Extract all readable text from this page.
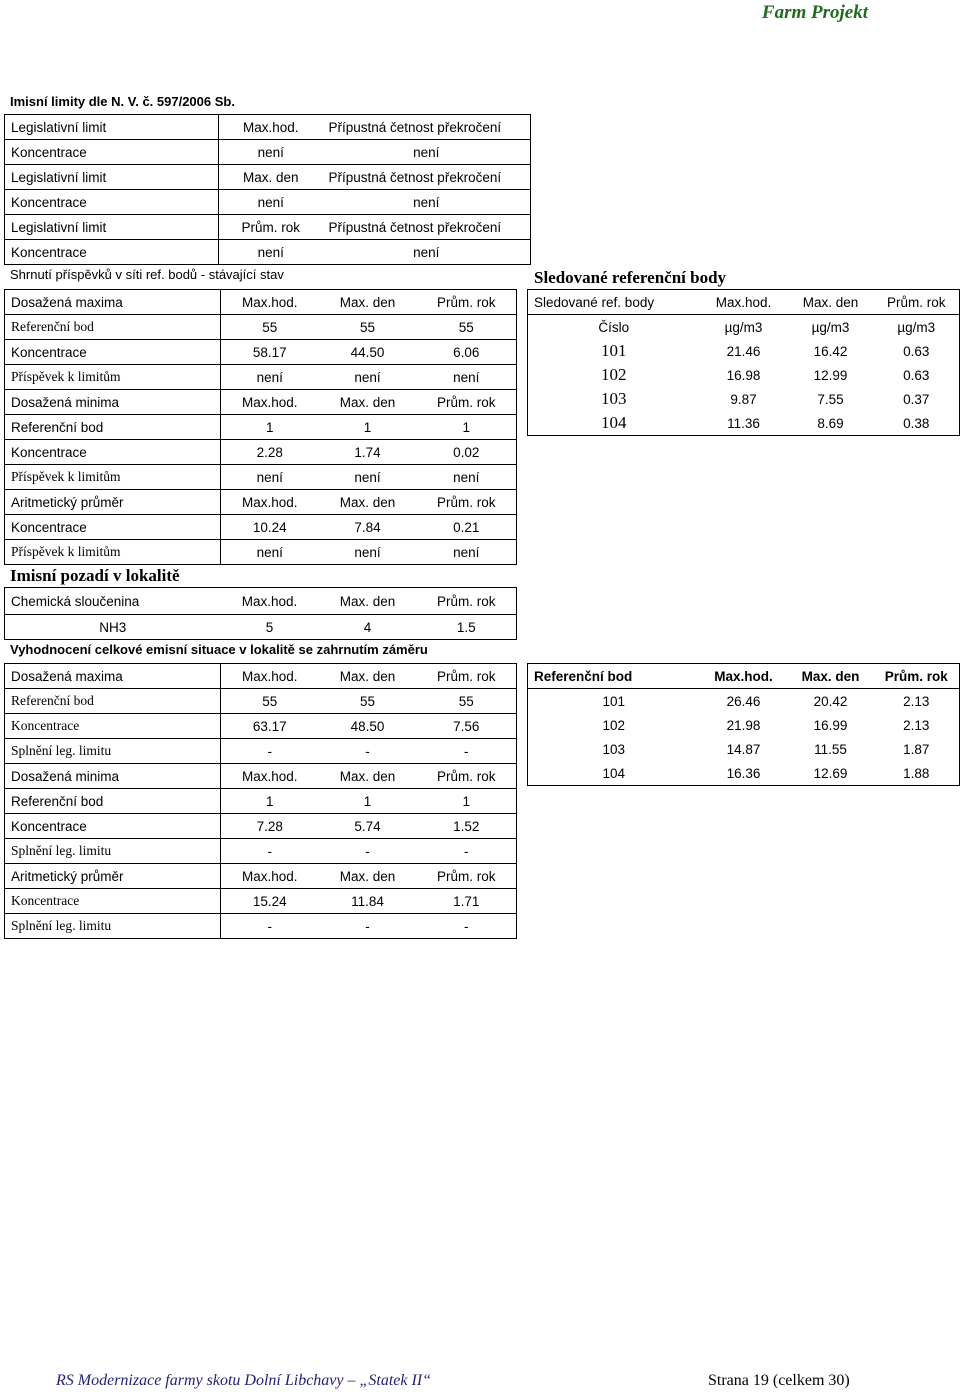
Farm Projekt
Imisní limity dle N. V. č. 597/2006 Sb.
Legislativní limit	Max.hod.	Přípustná četnost překročení
Koncentrace	není	není
Legislativní limit	Max. den	Přípustná četnost překročení
Koncentrace	není	není
Legislativní limit	Prům. rok	Přípustná četnost překročení
Koncentrace	není	není
Shrnutí příspěvků v síti ref. bodů - stávající stav
Dosažená maxima	Max.hod.	Max. den	Prům. rok
Referenční bod	55	55	55
Koncentrace	58.17	44.50	6.06
Příspěvek k limitům	není	není	není
Dosažená minima	Max.hod.	Max. den	Prům. rok
Referenční bod	1	1	1
Koncentrace	2.28	1.74	0.02
Příspěvek k limitům	není	není	není
Aritmetický průměr	Max.hod.	Max. den	Prům. rok
Koncentrace	10.24	7.84	0.21
Příspěvek k limitům	není	není	není
Sledované referenční body
Sledované ref. body	Max.hod.	Max. den	Prům. rok
Číslo	µg/m3	µg/m3	µg/m3
101	21.46	16.42	0.63
102	16.98	12.99	0.63
103	9.87	7.55	0.37
104	11.36	8.69	0.38
Imisní pozadí v lokalitě
Chemická sloučenina	Max.hod.	Max. den	Prům. rok
NH3	5	4	1.5
Vyhodnocení celkové emisní situace v lokalitě se zahrnutím záměru
Dosažená maxima	Max.hod.	Max. den	Prům. rok
Referenční bod	55	55	55
Koncentrace	63.17	48.50	7.56
Splnění leg. limitu	-	-	-
Dosažená minima	Max.hod.	Max. den	Prům. rok
Referenční bod	1	1	1
Koncentrace	7.28	5.74	1.52
Splnění leg. limitu	-	-	-
Aritmetický průměr	Max.hod.	Max. den	Prům. rok
Koncentrace	15.24	11.84	1.71
Splnění leg. limitu	-	-	-
Referenční bod	Max.hod.	Max. den	Prům. rok
101	26.46	20.42	2.13
102	21.98	16.99	2.13
103	14.87	11.55	1.87
104	16.36	12.69	1.88
RS Modernizace farmy skotu Dolní Libchavy – „Statek II“	Strana 19 (celkem 30)
